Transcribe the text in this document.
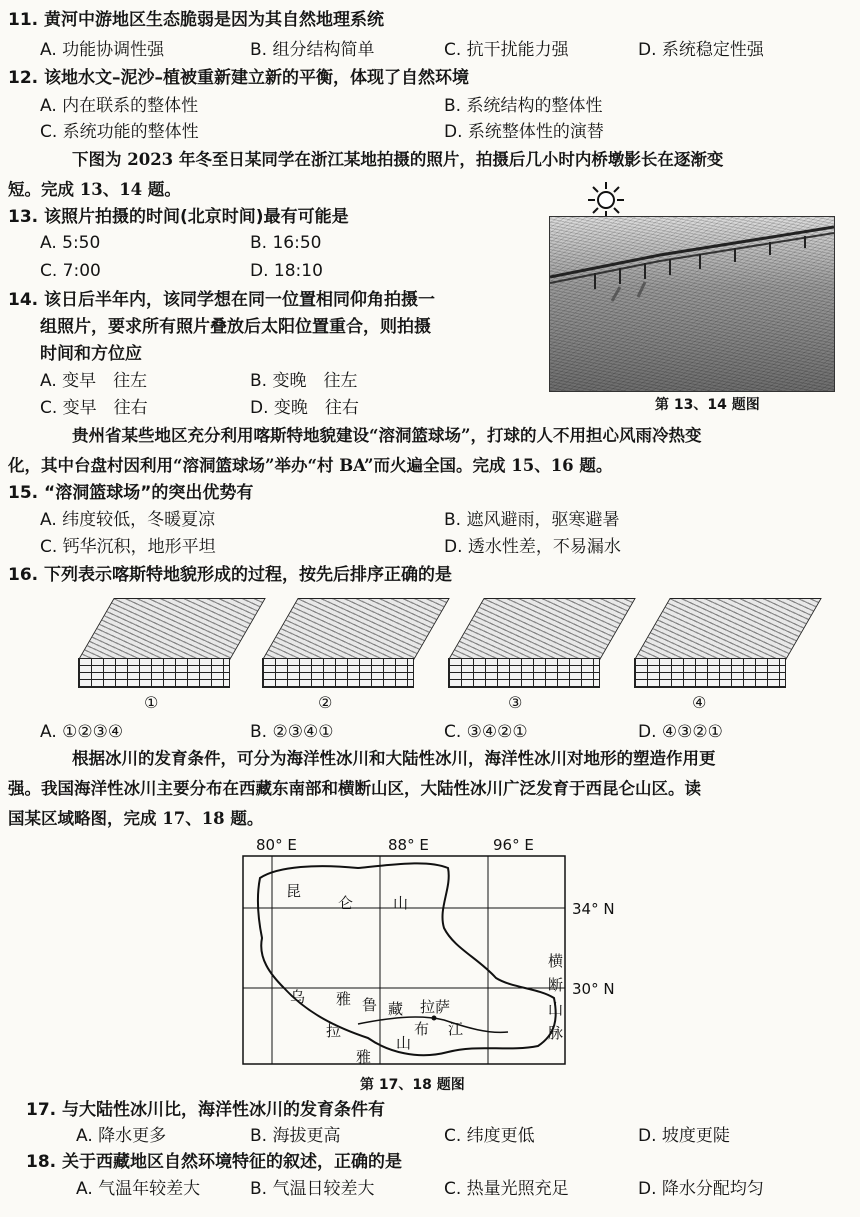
11. 黄河中游地区生态脆弱是因为其自然地理系统
A. 功能协调性强	B. 组分结构简单	C. 抗干扰能力强	D. 系统稳定性强
12. 该地水文–泥沙–植被重新建立新的平衡，体现了自然环境
A. 内在联系的整体性	B. 系统结构的整体性
C. 系统功能的整体性	D. 系统整体性的演替
下图为 2023 年冬至日某同学在浙江某地拍摄的照片，拍摄后几小时内桥墩影长在逐渐变
短。完成 13、14 题。
13. 该照片拍摄的时间(北京时间)最有可能是
A. 5:50	B. 16:50
C. 7:00	D. 18:10
14. 该日后半年内，该同学想在同一位置相同仰角拍摄一
组照片，要求所有照片叠放后太阳位置重合，则拍摄
时间和方位应
A. 变早　往左	B. 变晚　往左
C. 变早　往右	D. 变晚　往右	第 13、14 题图
贵州省某些地区充分利用喀斯特地貌建设“溶洞篮球场”，打球的人不用担心风雨冷热变
化，其中台盘村因利用“溶洞篮球场”举办“村 BA”而火遍全国。完成 15、16 题。
15. “溶洞篮球场”的突出优势有
A. 纬度较低，冬暖夏凉	B. 遮风避雨，驱寒避暑
C. 钙华沉积，地形平坦	D. 透水性差，不易漏水
16. 下列表示喀斯特地貌形成的过程，按先后排序正确的是
①	②	③	④
A. ①②③④	B. ②③④①	C. ③④②①	D. ④③②①
根据冰川的发育条件，可分为海洋性冰川和大陆性冰川，海洋性冰川对地形的塑造作用更
强。我国海洋性冰川主要分布在西藏东南部和横断山区，大陆性冰川广泛发育于西昆仑山区。读
国某区域略图，完成 17、18 题。
80° E	88° E	96° E
34° N
30° N
昆
仑	山
横
断
山
脉
拉萨
雅 鲁 藏
布 江
乌
拉
雅
山
第 17、18 题图
17. 与大陆性冰川比，海洋性冰川的发育条件有
A. 降水更多	B. 海拔更高	C. 纬度更低	D. 坡度更陡
18. 关于西藏地区自然环境特征的叙述，正确的是
A. 气温年较差大	B. 气温日较差大	C. 热量光照充足	D. 降水分配均匀
